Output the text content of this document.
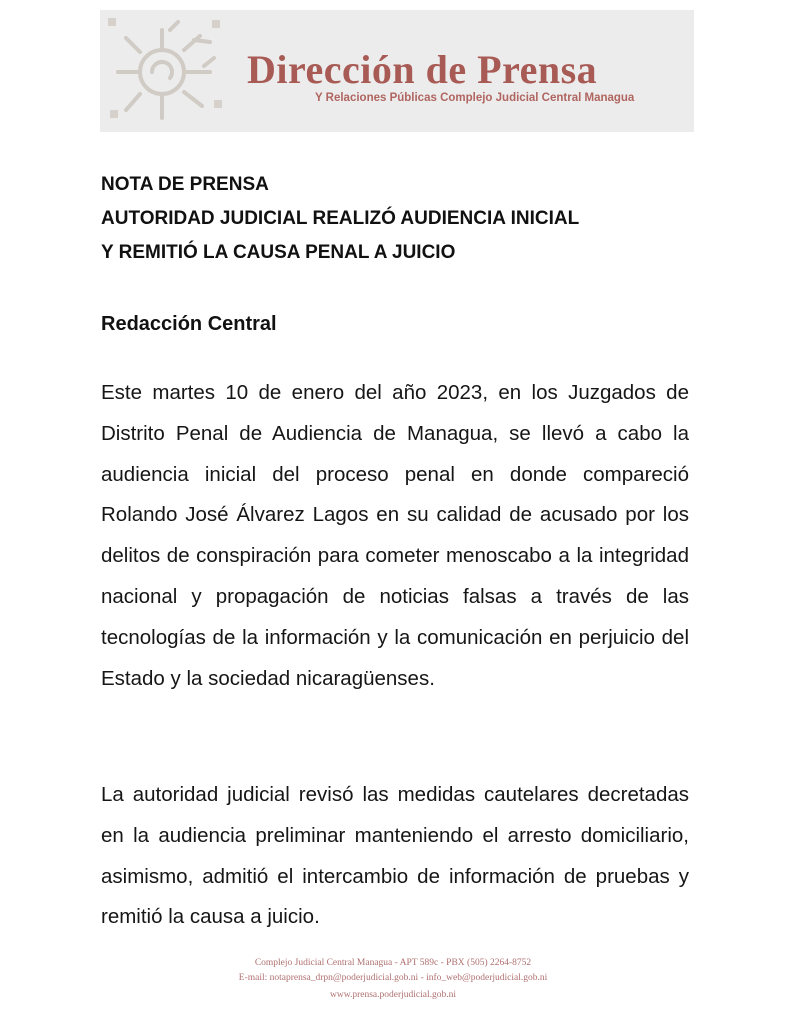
Dirección de Prensa
Y Relaciones Públicas Complejo Judicial Central Managua
NOTA DE PRENSA
AUTORIDAD JUDICIAL REALIZÓ AUDIENCIA INICIAL
Y REMITIÓ LA CAUSA PENAL A JUICIO
Redacción Central
Este martes 10 de enero del año 2023, en los Juzgados de Distrito Penal de Audiencia de Managua, se llevó a cabo la audiencia inicial del proceso penal en donde compareció Rolando José Álvarez Lagos en su calidad de acusado por los delitos de conspiración para cometer menoscabo a la integridad nacional y propagación de noticias falsas a través de las tecnologías de la información y la comunicación en perjuicio del Estado y la sociedad nicaragüenses.
La autoridad judicial revisó las medidas cautelares decretadas en la audiencia preliminar manteniendo el arresto domiciliario, asimismo, admitió el intercambio de información de pruebas y remitió la causa a juicio.
Complejo Judicial Central Managua - APT 589c - PBX (505) 2264-8752
E-mail: notaprensa_drpn@poderjudicial.gob.ni - info_web@poderjudicial.gob.ni
www.prensa.poderjudicial.gob.ni
